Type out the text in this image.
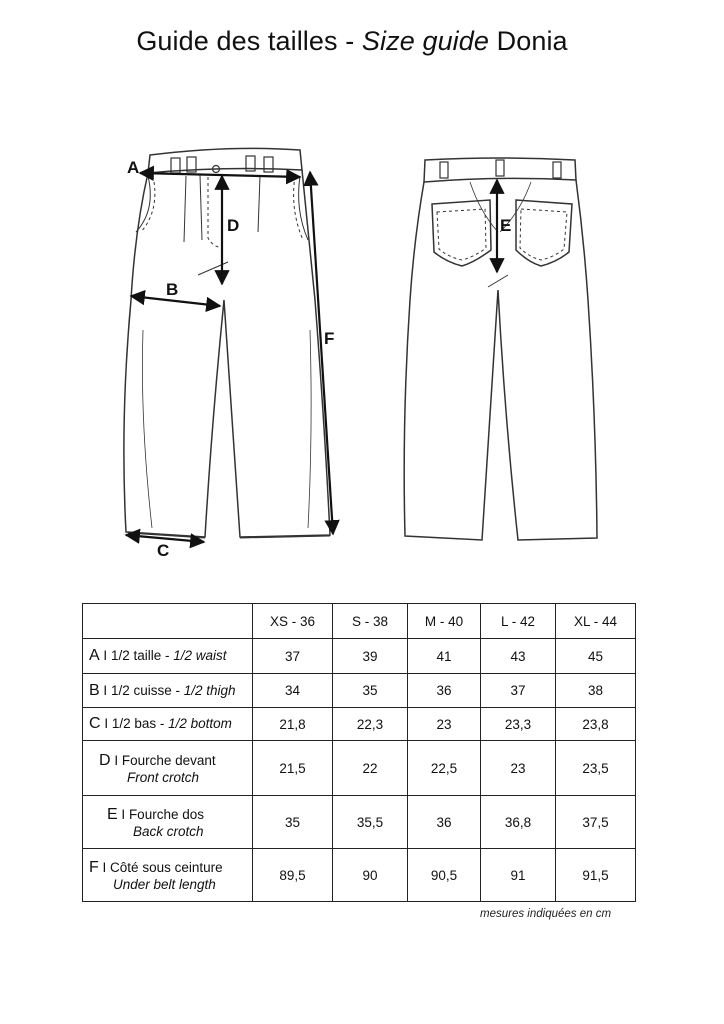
Guide des tailles - Size guide Donia
A
B
C
D	E
F
	XS - 36	S - 38	M - 40	L - 42	XL - 44
A I 1/2 taille - 1/2 waist	37	39	41	43	45
B I 1/2 cuisse - 1/2 thigh	34	35	36	37	38
C I 1/2 bas - 1/2 bottom	21,8	22,3	23	23,3	23,8
D I Fourche devant
Front crotch	21,5	22	22,5	23	23,5
E I Fourche dos
Back crotch	35	35,5	36	36,8	37,5
F I Côté sous ceinture
Under belt length	89,5	90	90,5	91	91,5
mesures indiquées en cm
